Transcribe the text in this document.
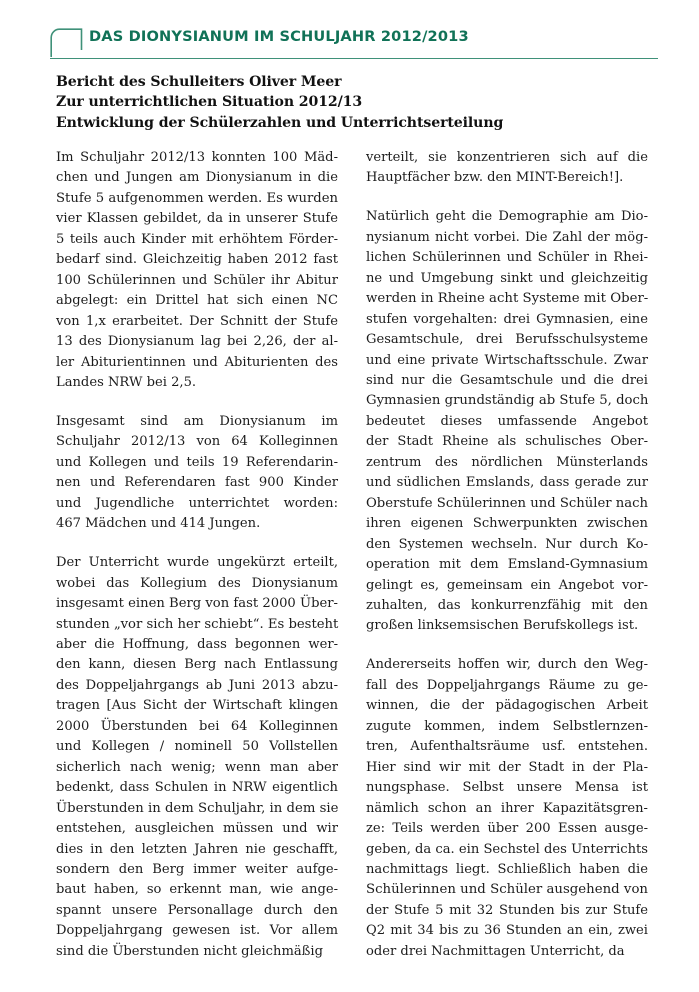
DAS DIONYSIANUM IM SCHULJAHR 2012/2013
Bericht des Schulleiters Oliver Meer
Zur unterrichtlichen Situation 2012/13
Entwicklung der Schülerzahlen und Unterrichtserteilung

Im Schuljahr 2012/13 konnten 100 Mäd-
chen und Jungen am Dionysianum in die
Stufe 5 aufgenommen werden. Es wurden
vier Klassen gebildet, da in unserer Stufe
5 teils auch Kinder mit erhöhtem Förder-
bedarf sind. Gleichzeitig haben 2012 fast
100 Schülerinnen und Schüler ihr Abitur
abgelegt: ein Drittel hat sich einen NC
von 1,x erarbeitet. Der Schnitt der Stufe
13 des Dionysianum lag bei 2,26, der al-
ler Abiturientinnen und Abiturienten des
Landes NRW bei 2,5.

Insgesamt sind am Dionysianum im
Schuljahr 2012/13 von 64 Kolleginnen
und Kollegen und teils 19 Referendarin-
nen und Referendaren fast 900 Kinder
und Jugendliche unterrichtet worden:
467 Mädchen und 414 Jungen.

Der Unterricht wurde ungekürzt erteilt,
wobei das Kollegium des Dionysianum
insgesamt einen Berg von fast 2000 Über-
stunden „vor sich her schiebt“. Es besteht
aber die Hoffnung, dass begonnen wer-
den kann, diesen Berg nach Entlassung
des Doppeljahrgangs ab Juni 2013 abzu-
tragen [Aus Sicht der Wirtschaft klingen
2000 Überstunden bei 64 Kolleginnen
und Kollegen / nominell 50 Vollstellen
sicherlich nach wenig; wenn man aber
bedenkt, dass Schulen in NRW eigentlich
Überstunden in dem Schuljahr, in dem sie
entstehen, ausgleichen müssen und wir
dies in den letzten Jahren nie geschafft,
sondern den Berg immer weiter aufge-
baut haben, so erkennt man, wie ange-
spannt unsere Personallage durch den
Doppeljahrgang gewesen ist. Vor allem
sind die Überstunden nicht gleichmäßig

verteilt, sie konzentrieren sich auf die
Hauptfächer bzw. den MINT-Bereich!].

Natürlich geht die Demographie am Dio-
nysianum nicht vorbei. Die Zahl der mög-
lichen Schülerinnen und Schüler in Rhei-
ne und Umgebung sinkt und gleichzeitig
werden in Rheine acht Systeme mit Ober-
stufen vorgehalten: drei Gymnasien, eine
Gesamtschule, drei Berufsschulsysteme
und eine private Wirtschaftsschule. Zwar
sind nur die Gesamtschule und die drei
Gymnasien grundständig ab Stufe 5, doch
bedeutet dieses umfassende Angebot
der Stadt Rheine als schulisches Ober-
zentrum des nördlichen Münsterlands
und südlichen Emslands, dass gerade zur
Oberstufe Schülerinnen und Schüler nach
ihren eigenen Schwerpunkten zwischen
den Systemen wechseln. Nur durch Ko-
operation mit dem Emsland-Gymnasium
gelingt es, gemeinsam ein Angebot vor-
zuhalten, das konkurrenzfähig mit den
großen linksemsischen Berufskollegs ist.

Andererseits hoffen wir, durch den Weg-
fall des Doppeljahrgangs Räume zu ge-
winnen, die der pädagogischen Arbeit
zugute kommen, indem Selbstlernzen-
tren, Aufenthaltsräume usf. entstehen.
Hier sind wir mit der Stadt in der Pla-
nungsphase. Selbst unsere Mensa ist
nämlich schon an ihrer Kapazitätsgren-
ze: Teils werden über 200 Essen ausge-
geben, da ca. ein Sechstel des Unterrichts
nachmittags liegt. Schließlich haben die
Schülerinnen und Schüler ausgehend von
der Stufe 5 mit 32 Stunden bis zur Stufe
Q2 mit 34 bis zu 36 Stunden an ein, zwei
oder drei Nachmittagen Unterricht, da
